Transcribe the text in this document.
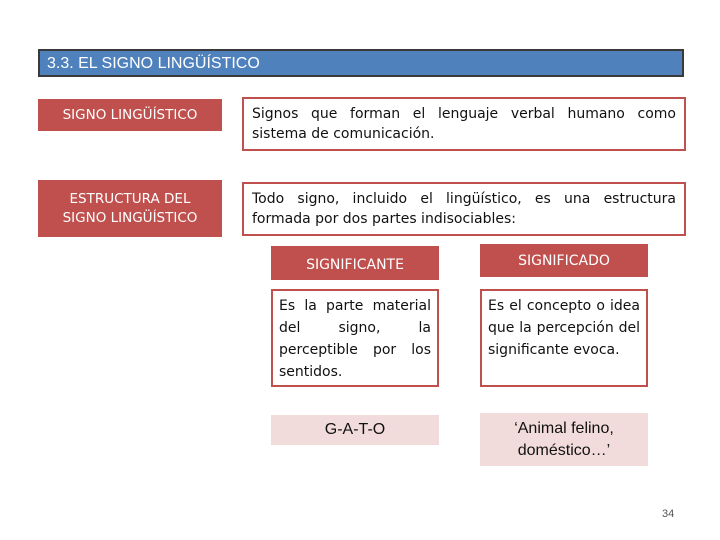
3.3. EL SIGNO LINGÜÍSTICO
SIGNO LINGÜÍSTICO	Signos que forman el lenguaje verbal humano como sistema de comunicación.
ESTRUCTURA DEL
SIGNO LINGÜÍSTICO
Todo signo, incluido el lingüístico, es una estructura formada por dos partes indisociables:
SIGNIFICANTE
Es la parte material del signo, la perceptible por los sentidos.
G-A-T-O
SIGNIFICADO
Es el concepto o idea que la percepción del significante evoca.
‘Animal felino,
doméstico…’
34
